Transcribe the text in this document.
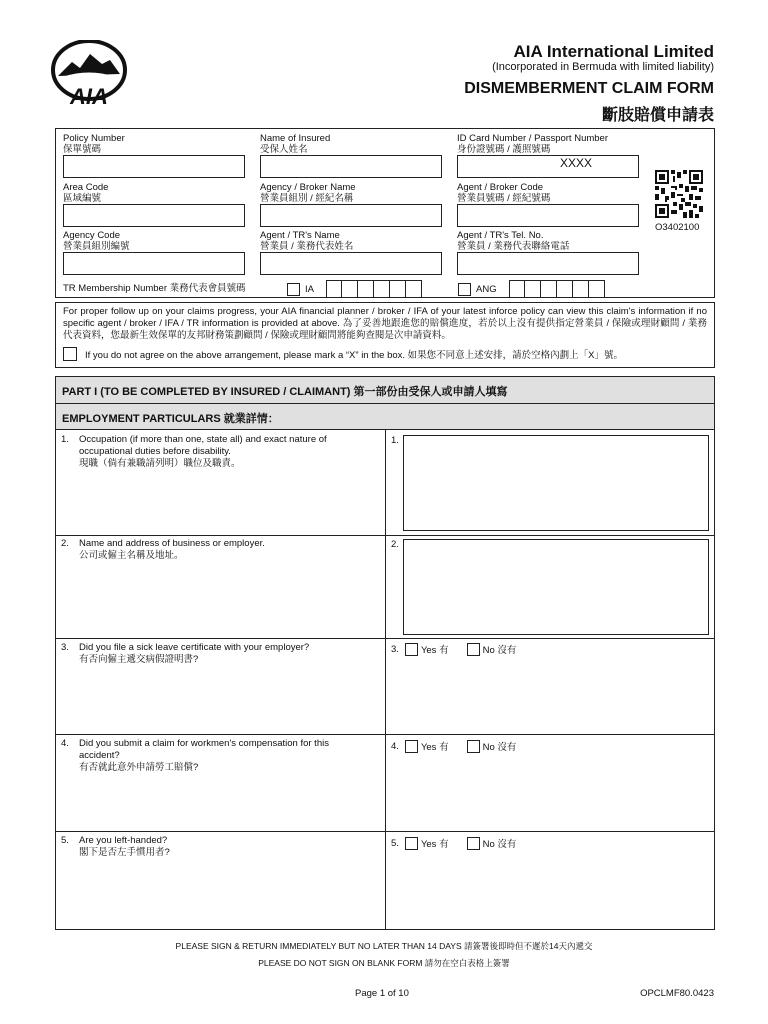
AIA
AIA International Limited
(Incorporated in Bermuda with limited liability)
DISMEMBERMENT CLAIM FORM
斷肢賠償申請表
Policy Number
保單號碼
Name of Insured
受保人姓名
ID Card Number / Passport Number
身份證號碼 / 護照號碼
XXXX
Area Code
區域編號
Agency / Broker Name
營業員組別 / 經紀名稱
Agent / Broker Code
營業員號碼 / 經紀號碼
Agency Code
營業員組別編號
Agent / TR's Name
營業員 / 業務代表姓名
Agent / TR's Tel. No.
營業員 / 業務代表聯絡電話
TR Membership Number 業務代表會員號碼	IA	ANG
O3402100
For proper follow up on your claims progress, your AIA financial planner / broker / IFA of your latest inforce policy can view this claim's information if no specific agent / broker / IFA / TR information is provided at above. 為了妥善地跟進您的賠償進度，若於以上沒有提供指定營業員 / 保險或理財顧問 / 業務代表資料，您最新生效保單的友邦財務策劃顧問 / 保險或理財顧問將能夠查閱是次申請資料。
If you do not agree on the above arrangement, please mark a “X” in the box. 如果您不同意上述安排，請於空格內劃上「X」號。
PART I (TO BE COMPLETED BY INSURED / CLAIMANT) 第一部份由受保人或申請人填寫
EMPLOYMENT PARTICULARS 就業詳情：
1. Occupation (if more than one, state all) and exact nature of occupational duties before disability.
現職（倘有兼職請列明）職位及職責。
1.
2. Name and address of business or employer.
公司或僱主名稱及地址。
2.
3. Did you file a sick leave certificate with your employer?
有否向僱主遞交病假證明書?
3. Yes 有	No 沒有
4. Did you submit a claim for workmen's compensation for this accident?
有否就此意外申請勞工賠償?
4. Yes 有	No 沒有
5. Are you left-handed?
閣下是否左手慣用者?
5. Yes 有	No 沒有
PLEASE SIGN & RETURN IMMEDIATELY BUT NO LATER THAN 14 DAYS 請簽署後即時但不遲於14天內遞交
PLEASE DO NOT SIGN ON BLANK FORM 請勿在空白表格上簽署
Page 1 of 10	OPCLMF80.0423
